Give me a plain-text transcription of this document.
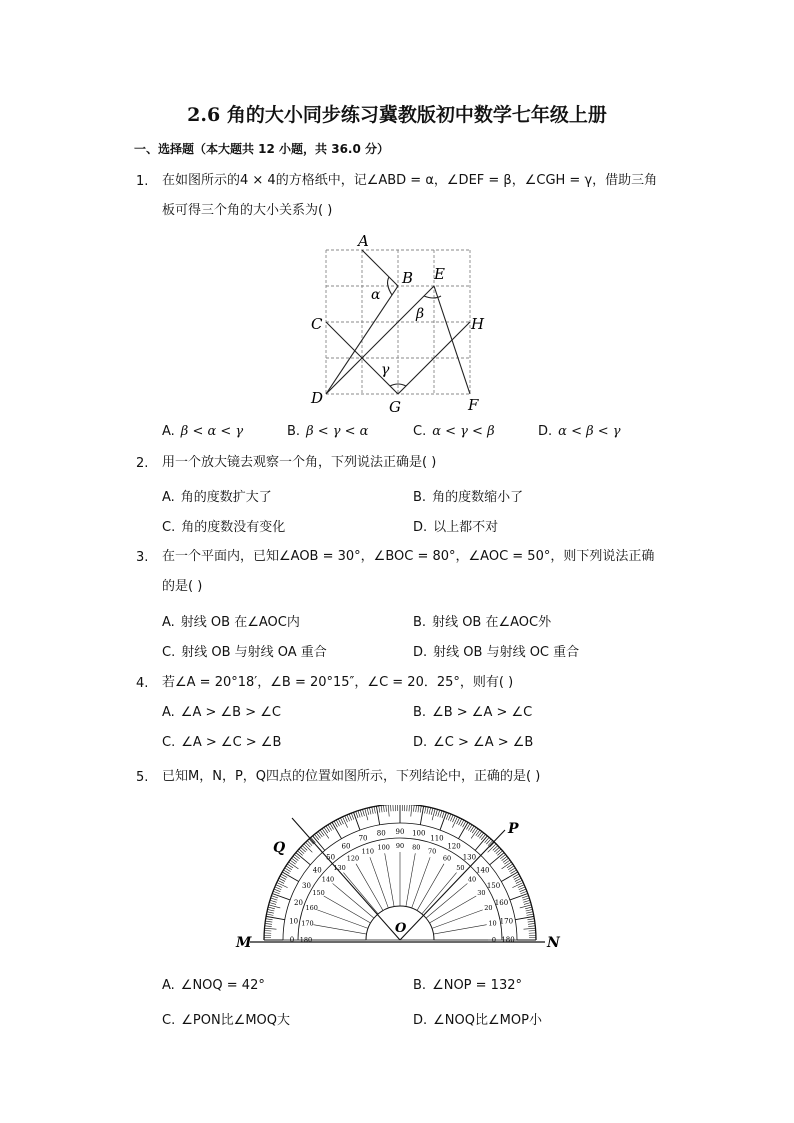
2.6 角的大小同步练习冀教版初中数学七年级上册
一、选择题（本大题共 12 小题，共 36.0 分）
1. 在如图所示的4 × 4的方格纸中，记∠ABD = α，∠DEF = β，∠CGH = γ，借助三角
板可得三个角的大小关系为( )
A
B
C
D
E
F
G
H
α
β
γ
A. β < α < γ	B. β < γ < α	C. α < γ < β	D. α < β < γ
2. 用一个放大镜去观察一个角，下列说法正确是( )
A. 角的度数扩大了	B. 角的度数缩小了
C. 角的度数没有变化	D. 以上都不对
3. 在一个平面内，已知∠AOB = 30°，∠BOC = 80°，∠AOC = 50°，则下列说法正确
的是( )
A. 射线 OB 在∠AOC内	B. 射线 OB 在∠AOC外
C. 射线 OB 与射线 OA 重合	D. 射线 OB 与射线 OC 重合
4. 若∠A = 20°18′，∠B = 20°15″，∠C = 20．25°，则有( )
A. ∠A > ∠B > ∠C	B. ∠B > ∠A > ∠C
C. ∠A > ∠C > ∠B	D. ∠C > ∠A > ∠B
5. 已知M，N，P，Q四点的位置如图所示，下列结论中，正确的是( )
180
0
170
10
160
20
150
30
140
40
130
50
120
60
110
70
100
80
90
90
80
100
70
110
60
120
50
130
40
140
30
150
20
160
10 170
0 180
M	N
O
P
Q
A. ∠NOQ = 42°	B. ∠NOP = 132°
C. ∠PON比∠MOQ大	D. ∠NOQ比∠MOP小
